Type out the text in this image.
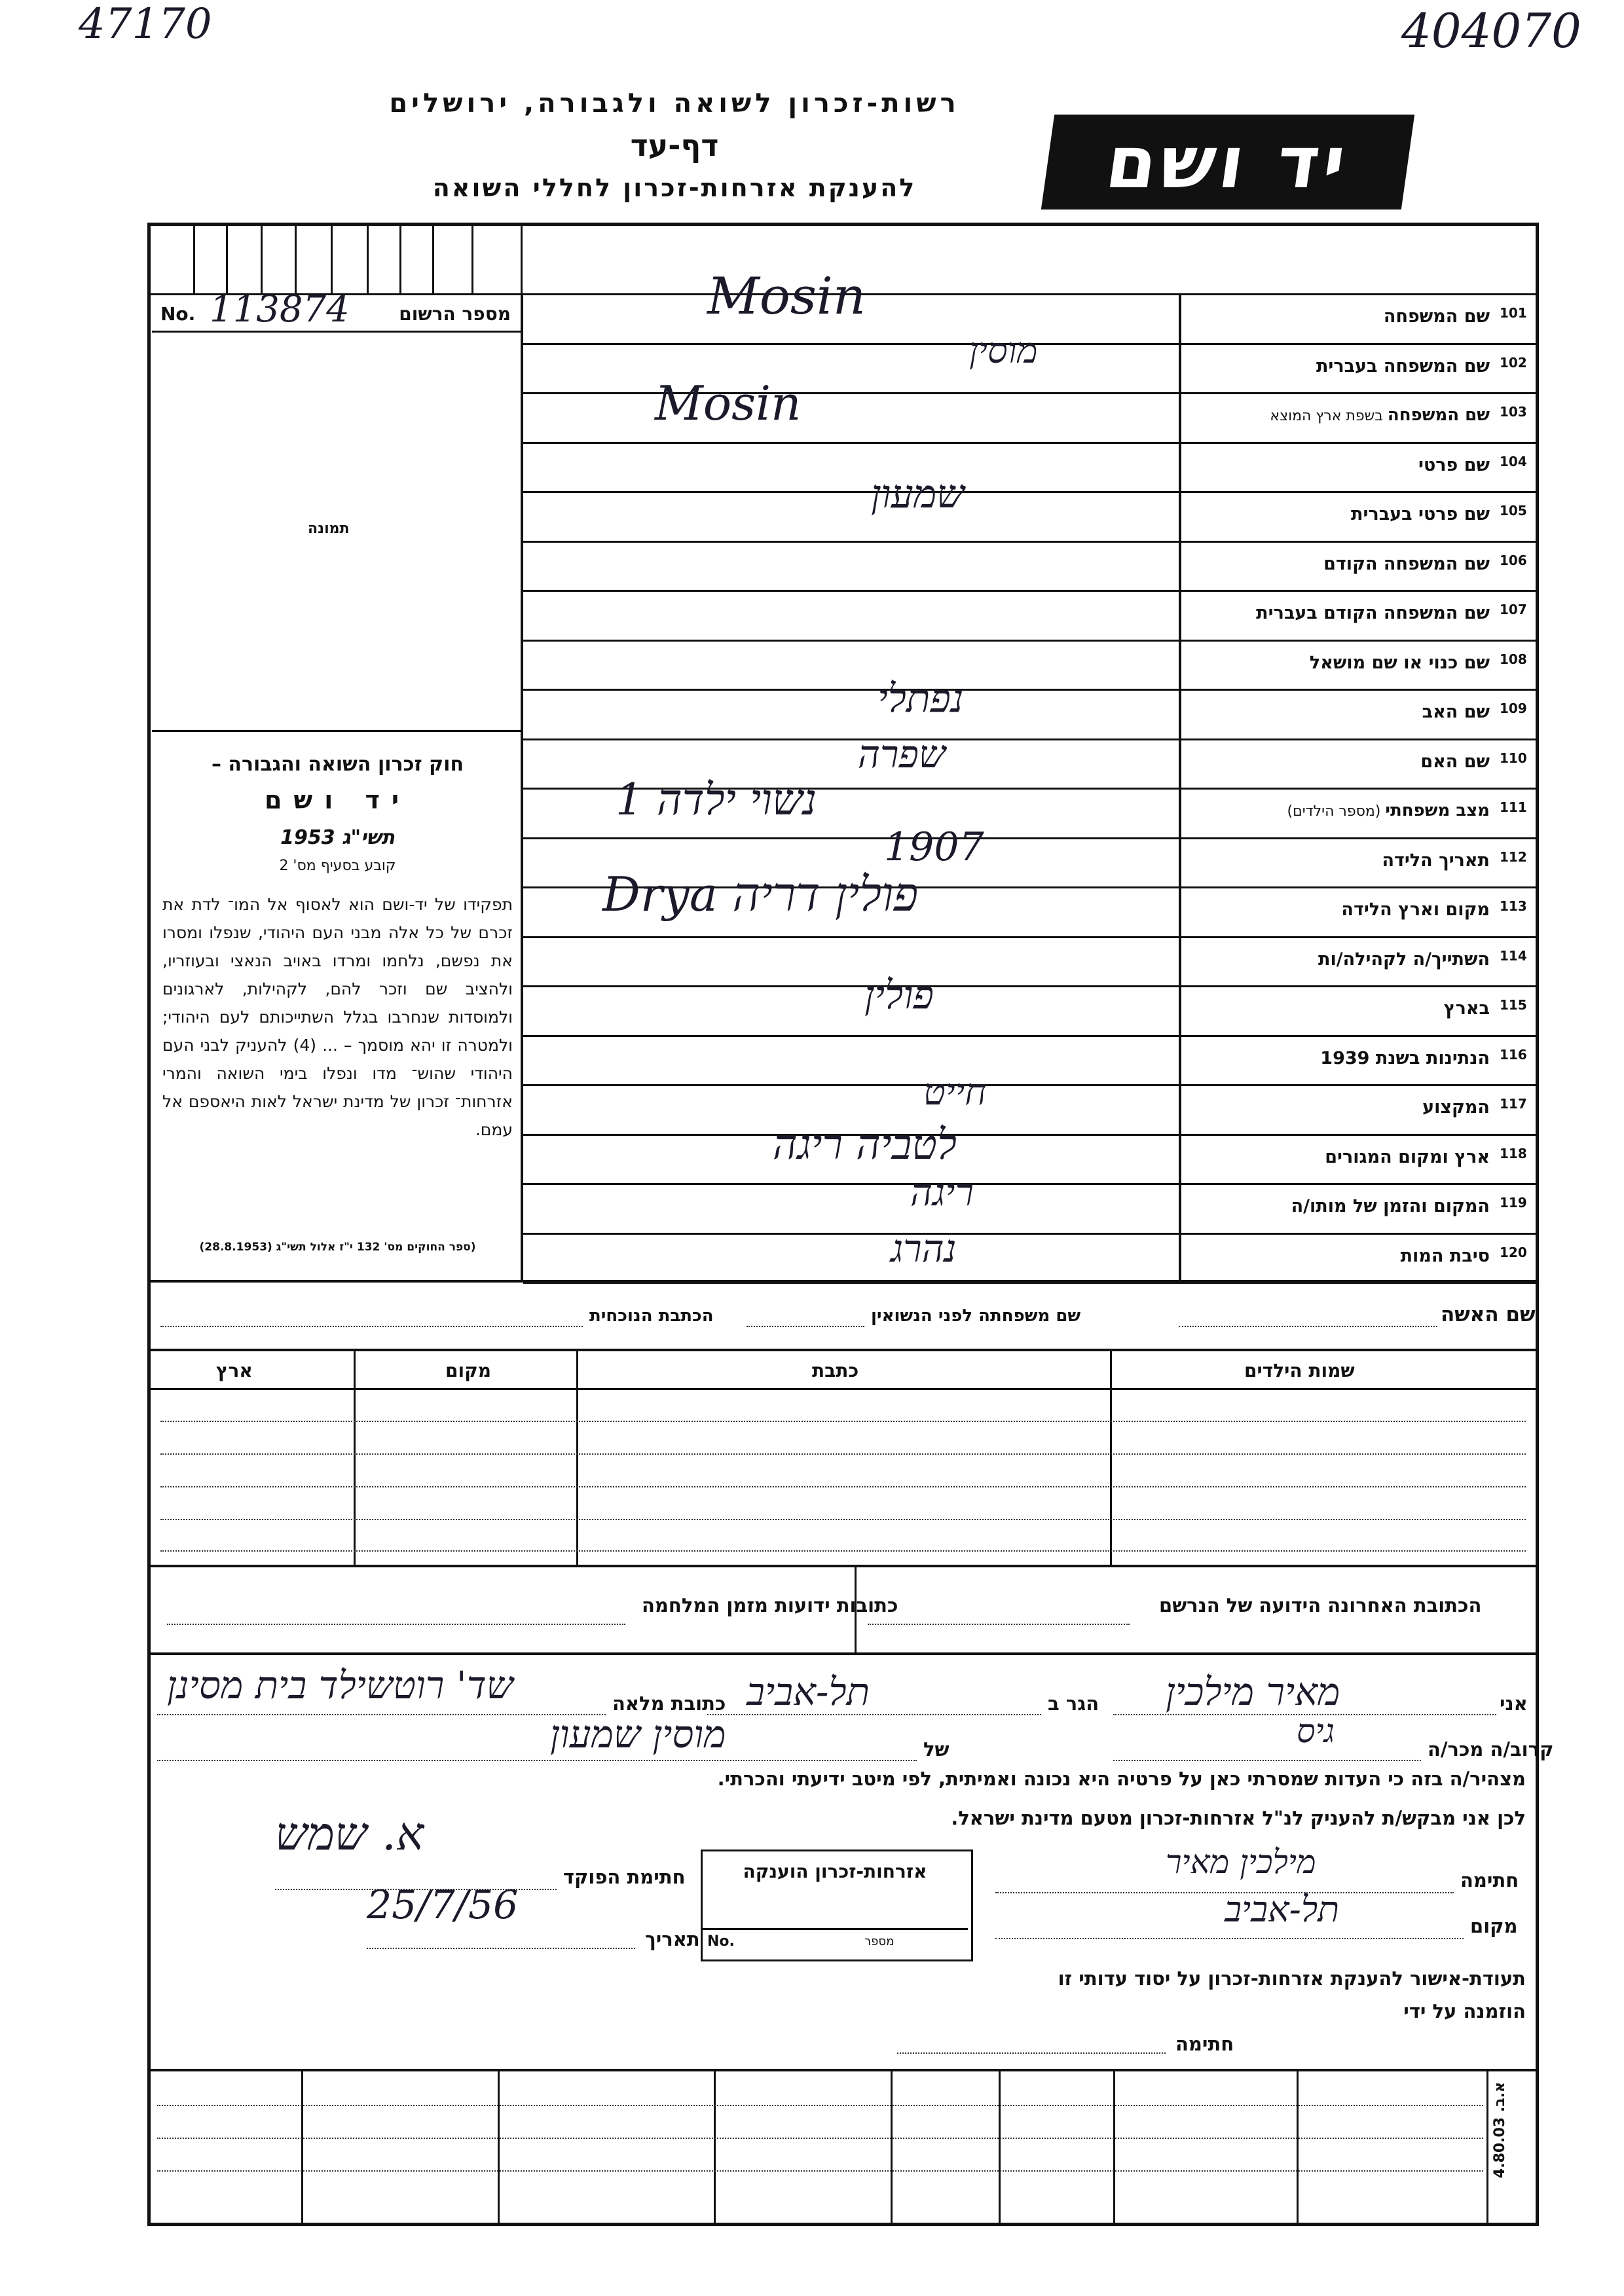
47170	404070
רשות-זכרון לשואה ולגבורה, ירושלים
דף-עד
להענקת אזרחות-זכרון לחללי השואה	יד ושם
No. 113874	מספר הרשום
תמונה
חוק זכרון השואה והגבורה –
יד ושם
תשי"ג 1953
קובע בסעיף מס' 2
תפקידו של יד-ושם הוא לאסוף אל המו־ לדת את זכרם של כל אלה מבני העם היהודי, שנפלו ומסרו את נפשם, נלחמו ומרדו באויב הנאצי ובעוזריו, ולהציב שם וזכר להם, לקהילות, לארגונים ולמוסדות שנחרבו בגלל השתייכותם לעם היהודי; ולמטרה זו יהא מוסמך – ... (4) להעניק לבני העם היהודי שהוש־ מדו ונפלו בימי השואה והמרי אזרחות־ זכרון של מדינת ישראל לאות היאספם אל עמם.
(ספר החוקים מס' 132 י"ז אלול תשי"ג (28.8.1953)
101
שם המשפחה
Mosin
102
שם המשפחה בעברית
מוסין
103
שם המשפחה בשפת ארץ המוצא
Mosin
104
שם פרטי
105
שם פרטי בעברית
שמעון
106
שם המשפחה הקודם
107
שם המשפחה הקודם בעברית
108
שם כנוי או שם מושאל
109
שם האב
נפתלי
110
שם האם
שפרה
111
מצב משפחתי (מספר הילדים)
נשוי ילדה 1
112
תאריך הלידה
1907
113
מקום וארץ הלידה
Drya פולין דריה
114
השתייך/ה לקהילה/ות
115
בארץ
פולין
116
הנתינות בשנת 1939
117
המקצוע
חייט
118
ארץ ומקום המגורים
לטביה ריגה
119
המקום והזמן של מותו/ה
ריגה
120
סיבת המות
נהרג
שם האשה
שם משפחתה לפני הנשואין
הכתבת הנוכחית
שמות הילדים
כתבת
מקום
ארץ
הכתובת האחרונה הידועה של הנרשם
כתובות ידועות מזמן המלחמה
אני
מאיר מילכין
הגר ב
תל-אביב
כתובת מלאה
שד' רוטשילד בית מסינן
קרוב/ה מכר/ה
גיס
של
מוסין שמעון
מצהיר/ה בזה כי העדות שמסרתי כאן על פרטיה היא נכונה ואמיתית, לפי מיטב ידיעתי והכרתי.
לכן אני מבקש/ת להעניק לנ"ל אזרחות-זכרון מטעם מדינת ישראל.
חתימה
מילכין מאיר
מקום
תל-אביב
אזרחות-זכרון הוענקה
No.	מספר
חתימת הפוקד
א. שמש
תאריך
25/7/56
תעודת-אישור להענקת אזרחות-זכרון על יסוד עדותי זו
הוזמנה על ידי
חתימה
א.ב. 4.80.03
